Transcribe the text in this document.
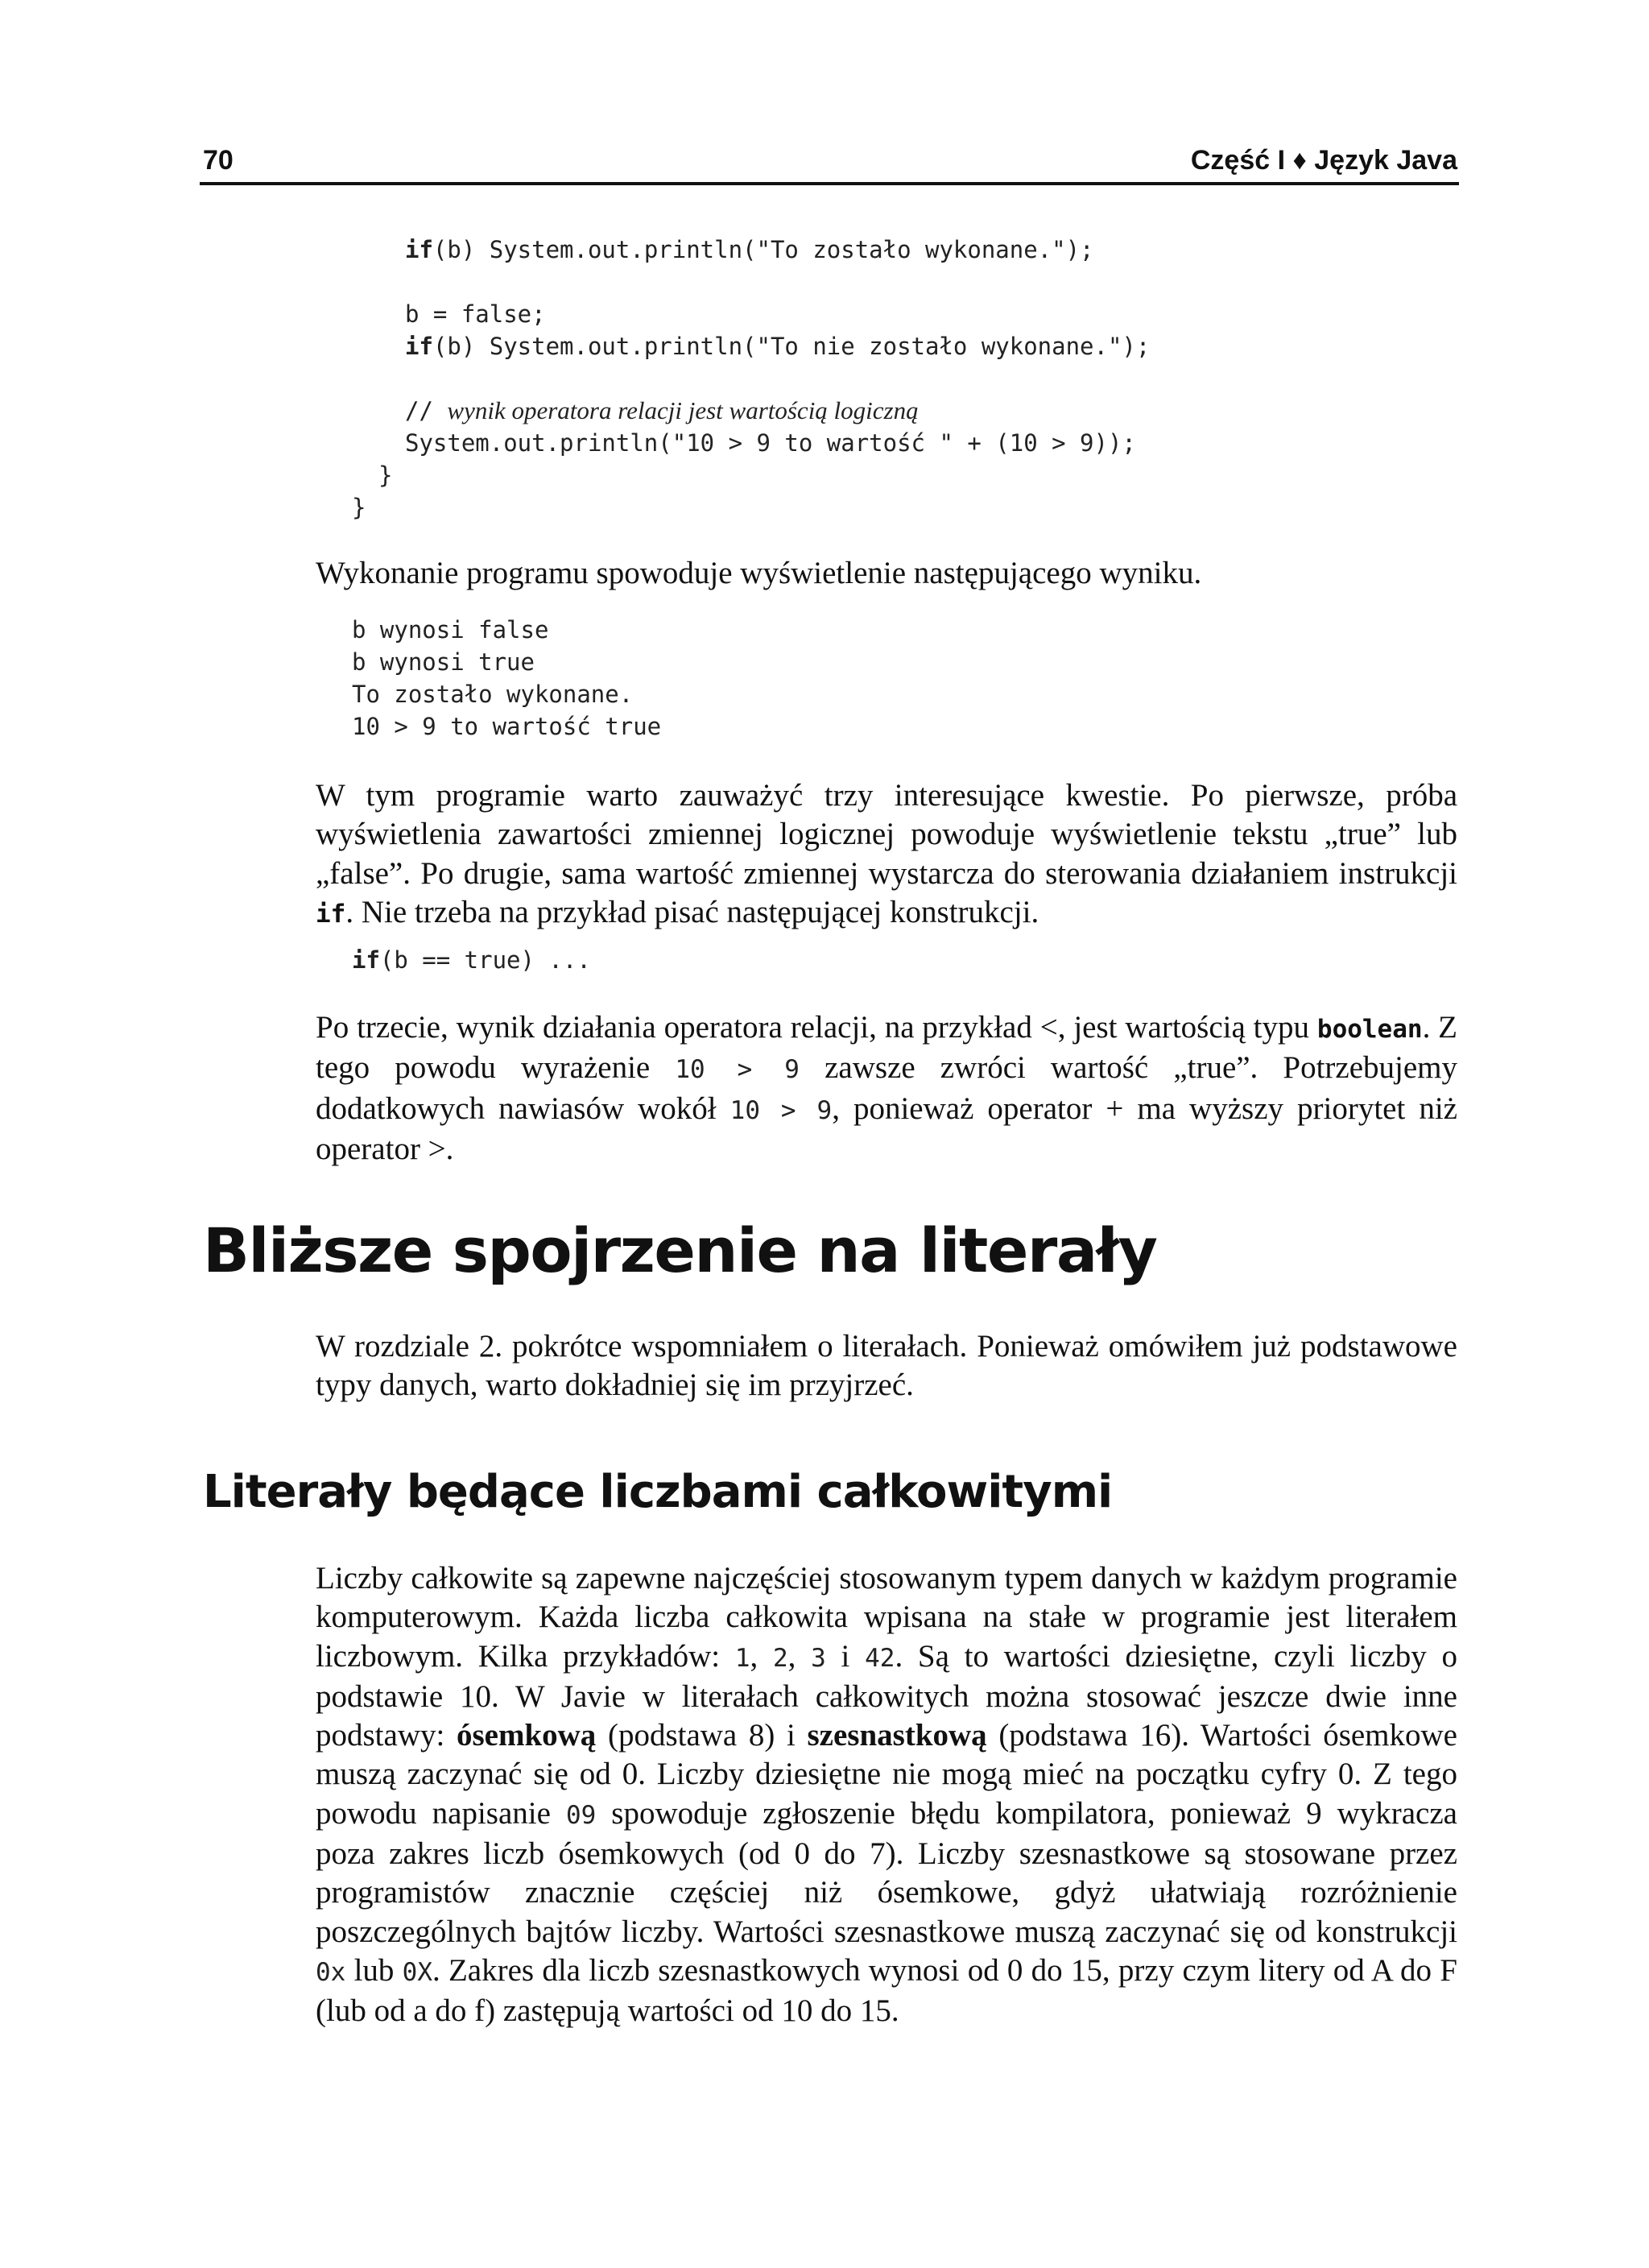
70	Część I ♦ Język Java
if(b) System.out.println("To zostało wykonane.");
b = false;
if(b) System.out.println("To nie zostało wykonane.");
// wynik operatora relacji jest wartością logiczną
System.out.println("10 > 9 to wartość " + (10 > 9));
}
}

Wykonanie programu spowoduje wyświetlenie następującego wyniku.

b wynosi false
b wynosi true
To zostało wykonane.
10 > 9 to wartość true

W tym programie warto zauważyć trzy interesujące kwestie. Po pierwsze, próba wyświetlenia zawartości zmiennej logicznej powoduje wyświetlenie tekstu „true” lub „false”. Po drugie, sama wartość zmiennej wystarcza do sterowania działaniem instrukcji if. Nie trzeba na przykład pisać następującej konstrukcji.

if(b == true) ...

Po trzecie, wynik działania operatora relacji, na przykład <, jest wartością typu boolean. Z tego powodu wyrażenie 10 > 9 zawsze zwróci wartość „true”. Potrzebujemy dodatkowych nawiasów wokół 10 > 9, ponieważ operator + ma wyższy priorytet niż operator >.

Bliższe spojrzenie na literały

W rozdziale 2. pokrótce wspomniałem o literałach. Ponieważ omówiłem już podstawowe typy danych, warto dokładniej się im przyjrzeć.

Literały będące liczbami całkowitymi

Liczby całkowite są zapewne najczęściej stosowanym typem danych w każdym programie komputerowym. Każda liczba całkowita wpisana na stałe w programie jest literałem liczbowym. Kilka przykładów: 1, 2, 3 i 42. Są to wartości dziesiętne, czyli liczby o podstawie 10. W Javie w literałach całkowitych można stosować jeszcze dwie inne podstawy: ósemkową (podstawa 8) i szesnastkową (podstawa 16). Wartości ósemkowe muszą zaczynać się od 0. Liczby dziesiętne nie mogą mieć na początku cyfry 0. Z tego powodu napisanie 09 spowoduje zgłoszenie błędu kompilatora, ponieważ 9 wykracza poza zakres liczb ósemkowych (od 0 do 7). Liczby szesnastkowe są stosowane przez programistów znacznie częściej niż ósemkowe, gdyż ułatwiają rozróżnienie poszczególnych bajtów liczby. Wartości szesnastkowe muszą zaczynać się od konstrukcji 0x lub 0X. Zakres dla liczb szesnastkowych wynosi od 0 do 15, przy czym litery od A do F (lub od a do f) zastępują wartości od 10 do 15.
